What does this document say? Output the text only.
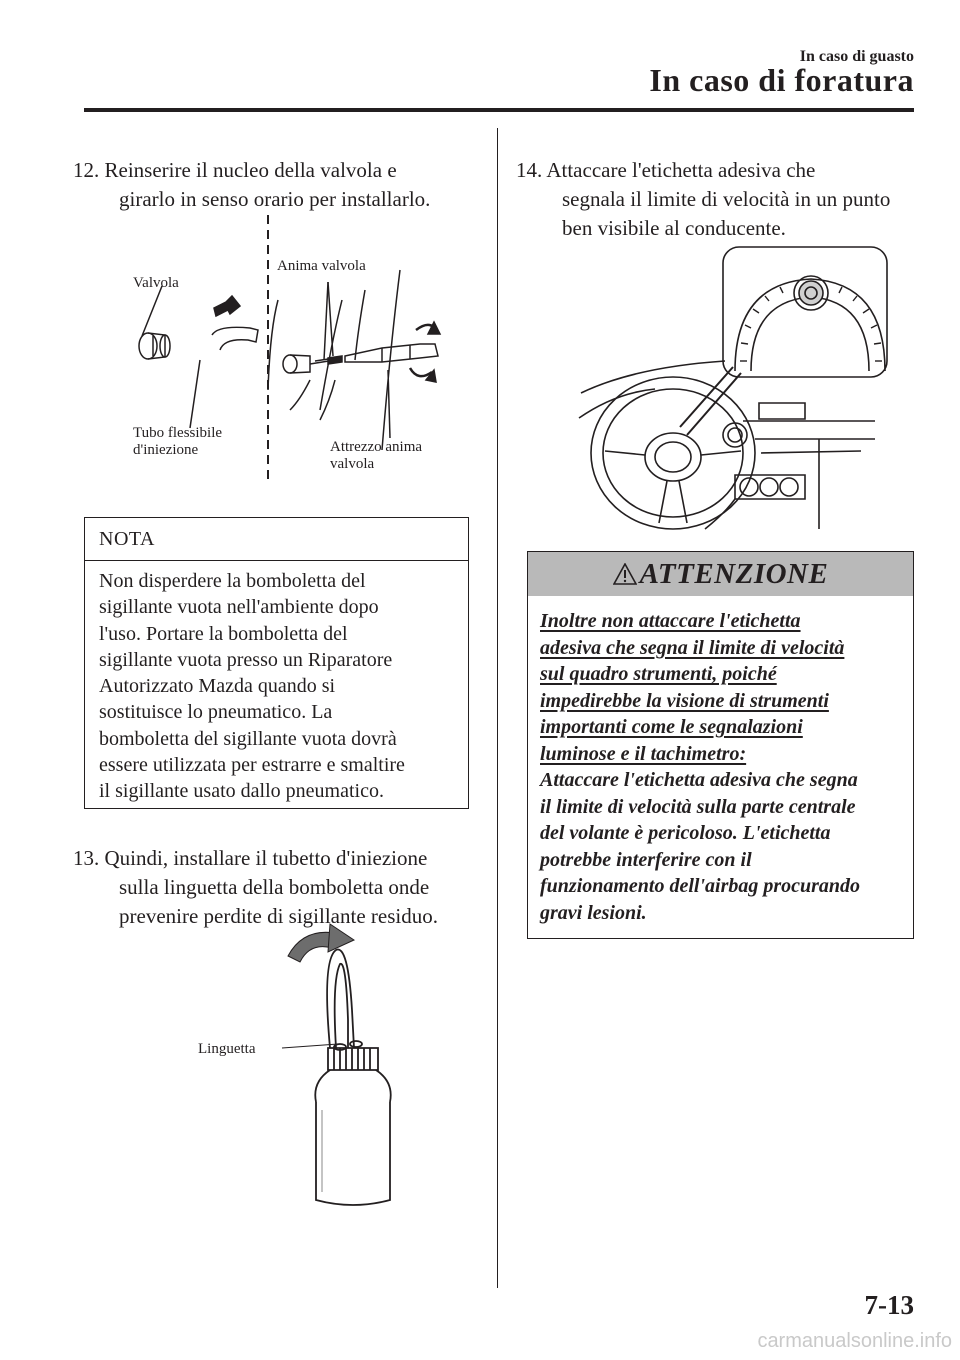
In caso di guasto
In caso di foratura
12. Reinserire il nucleo della valvola e
girarlo in senso orario per installarlo.
Valvola
Anima valvola
Tubo flessibile
d'iniezione	Attrezzo anima
valvola
NOTA
Non disperdere la bomboletta del
sigillante vuota nell'ambiente dopo
l'uso. Portare la bomboletta del
sigillante vuota presso un Riparatore
Autorizzato Mazda quando si
sostituisce lo pneumatico. La
bomboletta del sigillante vuota dovrà
essere utilizzata per estrarre e smaltire
il sigillante usato dallo pneumatico.
13. Quindi, installare il tubetto d'iniezione
sulla linguetta della bomboletta onde
prevenire perdite di sigillante residuo.
Linguetta
14. Attaccare l'etichetta adesiva che
segnala il limite di velocità in un punto
ben visibile al conducente.
ATTENZIONE
Inoltre non attaccare l'etichetta
adesiva che segna il limite di velocità
sul quadro strumenti, poiché
impedirebbe la visione di strumenti
importanti come le segnalazioni
luminose e il tachimetro:
Attaccare l'etichetta adesiva che segna
il limite di velocità sulla parte centrale
del volante è pericoloso. L'etichetta
potrebbe interferire con il
funzionamento dell'airbag procurando
gravi lesioni.
7-13
carmanualsonline.info
